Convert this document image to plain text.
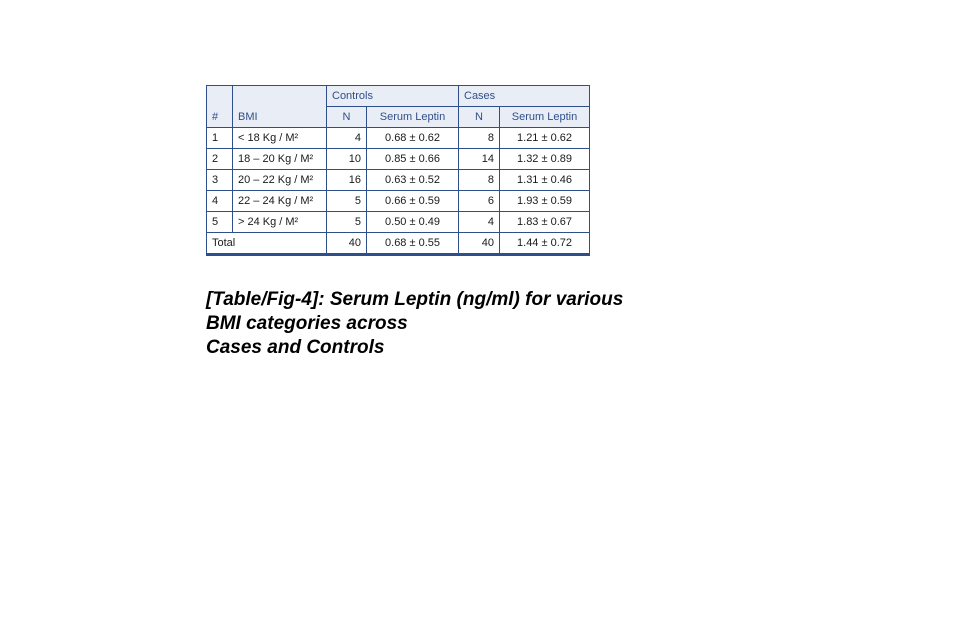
#	BMI	Controls		Cases	
		N	Serum Leptin	N	Serum Leptin
1	< 18 Kg / M²	4	0.68 ± 0.62	8	1.21 ± 0.62
2	18 – 20 Kg / M²	10	0.85 ± 0.66	14	1.32 ± 0.89
3	20 – 22 Kg / M²	16	0.63 ± 0.52	8	1.31 ± 0.46
4	22 – 24 Kg / M²	5	0.66 ± 0.59	6	1.93 ± 0.59
5	> 24 Kg / M²	5	0.50 ± 0.49	4	1.83 ± 0.67
Total		40	0.68 ± 0.55	40	1.44 ± 0.72
[Table/Fig-4]: Serum Leptin (ng/ml) for various
BMI categories across
Cases and Controls
